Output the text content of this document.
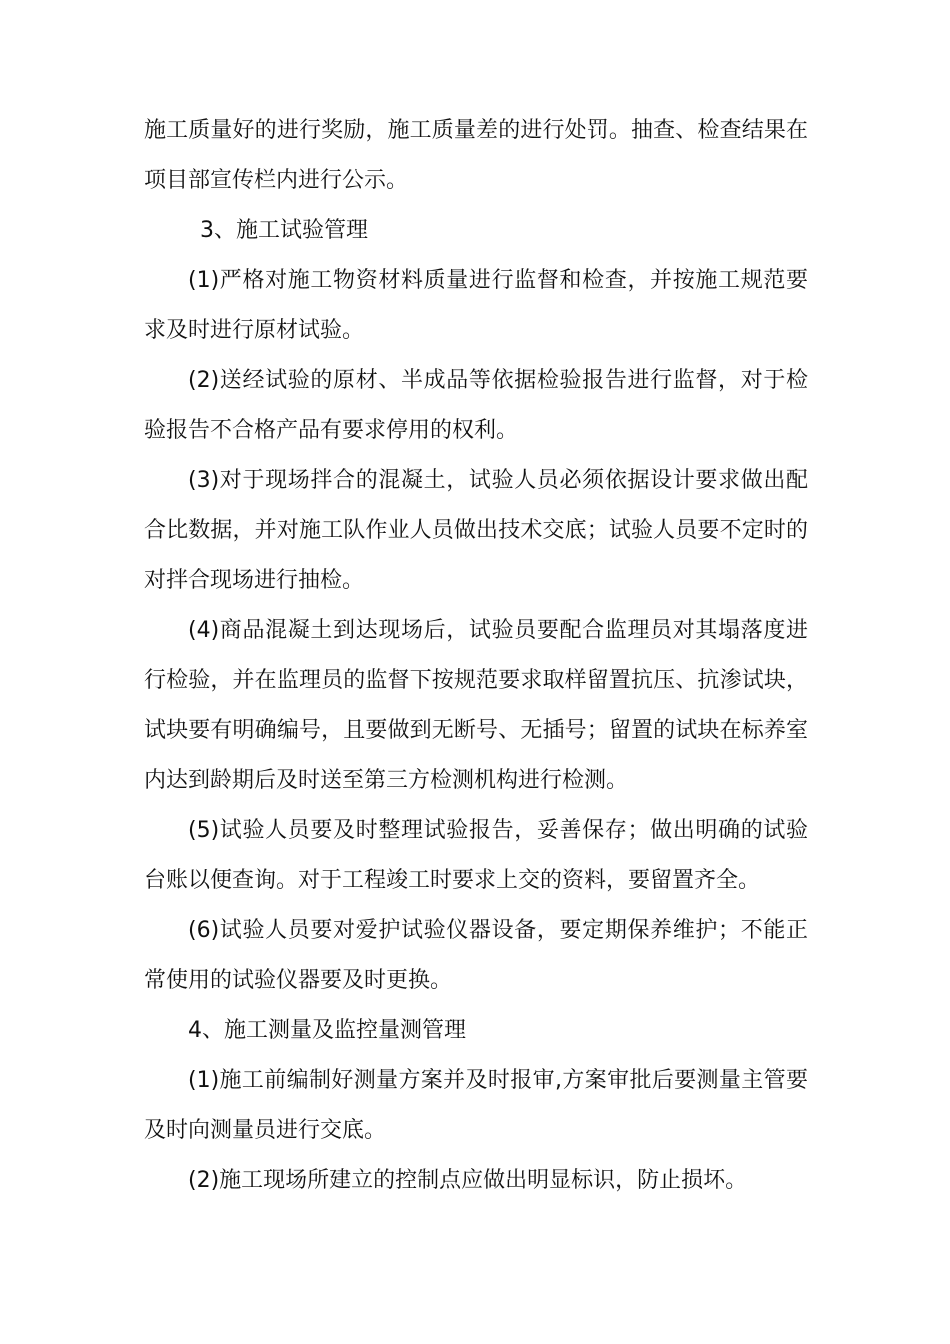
施工质量好的进行奖励，施工质量差的进行处罚。抽查、检查结果在项目部宣传栏内进行公示。

3、施工试验管理

(1)严格对施工物资材料质量进行监督和检查，并按施工规范要求及时进行原材试验。

(2)送经试验的原材、半成品等依据检验报告进行监督，对于检验报告不合格产品有要求停用的权利。

(3)对于现场拌合的混凝土，试验人员必须依据设计要求做出配合比数据，并对施工队作业人员做出技术交底；试验人员要不定时的对拌合现场进行抽检。

(4)商品混凝土到达现场后，试验员要配合监理员对其塌落度进行检验，并在监理员的监督下按规范要求取样留置抗压、抗渗试块，试块要有明确编号，且要做到无断号、无插号；留置的试块在标养室内达到龄期后及时送至第三方检测机构进行检测。

(5)试验人员要及时整理试验报告，妥善保存；做出明确的试验台账以便查询。对于工程竣工时要求上交的资料，要留置齐全。

(6)试验人员要对爱护试验仪器设备，要定期保养维护；不能正常使用的试验仪器要及时更换。

4、施工测量及监控量测管理

(1)施工前编制好测量方案并及时报审,方案审批后要测量主管要及时向测量员进行交底。

(2)施工现场所建立的控制点应做出明显标识，防止损坏。
